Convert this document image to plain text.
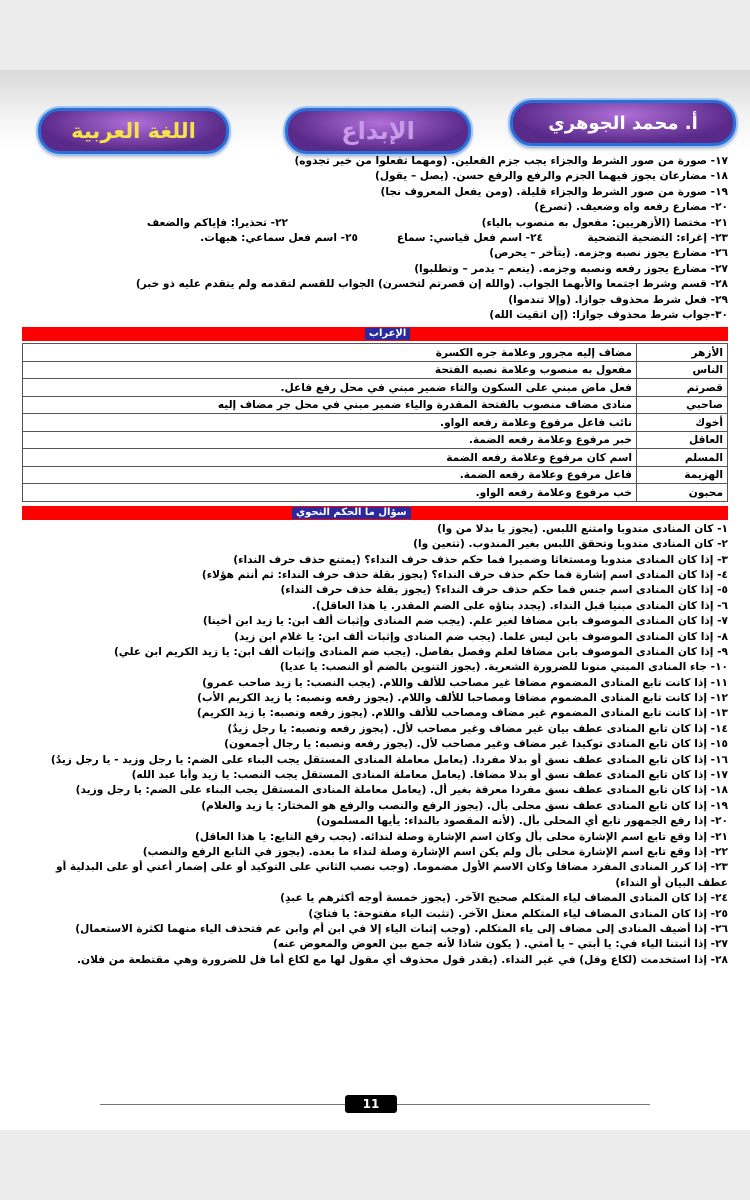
أ. محمد الجوهري
الإبداع
اللغة العربية
١٧- صورة من صور الشرط والجزاء يجب جزم الفعلين. (ومهما تفعلوا من خير تجدوه)
١٨- مضارعان يجوز فيهما الجزم والرفع والرفع حسن. (يصل – يقول)
١٩- صورة من صور الشرط والجزاء قليلة. (ومن يفعل المعروف نجا)
٢٠- مضارع رفعه واه وضعيف. (تصرع)
٢١- مختصا (الأزهريين: مفعول به منصوب بالياء)
٢٢- تحذيرا: فإياكم والضعف
٢٣- إغراء: التضحية التضحية
٢٤- اسم فعل قياسي: سماع
٢٥- اسم فعل سماعي: هيهات.
٢٦- مضارع يجوز نصبه وجزمه. (يتأخر – يحرص)
٢٧- مضارع يجوز رفعه ونصبه وجزمه. (ينعم – يدمر – وتطلبوا)
٢٨- قسم وشرط اجتمعا والأبهما الجواب. (والله إن قصرتم لتخسرن) الجواب للقسم لتقدمه ولم يتقدم عليه ذو خبر)
٢٩- فعل شرط محذوف جوازا. (وإلا تندموا)
٣٠-جواب شرط محذوف جوازا: (إن اتقيت الله)
الإعراب
الأزهر	مضاف إليه مجرور وعلامة جره الكسرة	
الناس	مفعول به منصوب وعلامة نصبه الفتحة	
قصرتم	فعل ماض مبني على السكون والتاء ضمير مبني في محل رفع فاعل.	
صاحبي	منادى مضاف منصوب بالفتحة المقدرة والياء ضمير مبني في محل جر مضاف إليه	
أخوك	نائب فاعل مرفوع وعلامة رفعه الواو.	
العاقل	خبر مرفوع وعلامة رفعه الضمة.	
المسلم	اسم كان مرفوع وعلامة رفعه الضمة	
الهزيمة	فاعل مرفوع وعلامة رفعه الضمة.	
محبون	خب مرفوع وعلامة رفعه الواو.	
سؤال ما الحكم النحوي
١- كان المنادى مندوبا وامتنع اللبس. (يجوز يا بدلا من وا)
٢- كان المنادى مندوبا وتحقق اللبس بغير المندوب. (تتعين وا)
٣- إذا كان المنادى مندوبا ومستغاثا وضميرا فما حكم حذف حرف النداء؟ (يمتنع حذف حرف النداء)
٤- إذا كان المنادى اسم إشارة فما حكم حذف حرف النداء؟ (يجوز بقلة حذف حرف النداء: ثم أنتم هؤلاء)
٥- إذا كان المنادى اسم جنس فما حكم حذف حرف النداء؟ (يجوز بقلة حذف حرف النداء)
٦- إذا كان المنادى مبنيا قبل النداء. (يجدد بناؤه على الضم المقدر. يا هذا العاقل).
٧- إذا كان المنادى الموصوف بابن مضافا لغير علم. (يجب ضم المنادى وإثبات ألف ابن: يا زيد ابن أخينا)
٨- إذا كان المنادى الموصوف بابن ليس علما. (يجب ضم المنادى وإثبات ألف ابن: يا غلام ابن زيد)
٩- إذا كان المنادى الموصوف بابن مضافا لعلم وفصل بفاصل. (يجب ضم المنادى وإثبات ألف ابن: يا زيد الكريم ابن علي)
١٠- جاء المنادى المبني منونا للضرورة الشعرية. (يجوز التنوين بالضم أو النصب: يا عديا)
١١- إذا كانت تابع المنادى المضموم مضافا غير مصاحب للألف واللام. (يجب النصب: يا زيد صاحب عمرو)
١٢- إذا كانت تابع المنادى المضموم مضافا ومصاحبا للألف واللام. (يجوز رفعه ونصبه: يا زيد الكريم الأب)
١٣- إذا كانت تابع المنادى المضموم غير مضاف ومصاحب للألف واللام. (يجوز رفعه ونصبه: يا زيد الكريم)
١٤- إذا كان تابع المنادى عطف بيان غير مضاف وغير مصاحب لأل. (يجوز رفعه ونصبه: يا رجل زيدٌ)
١٥- إذا كان تابع المنادى توكيدا غير مضاف وغير مصاحب لأل. (يجوز رفعه ونصبه: يا رجال أجمعون)
١٦- إذا كان تابع المنادى عطف نسق أو بدلا مفردا. (يعامل معاملة المنادى المستقل يجب البناء على الضم: يا رجل وزيد - يا رجل زيدُ)
١٧- إذا كان تابع المنادى عطف نسق أو بدلا مضافا. (يعامل معاملة المنادى المستقل يجب النصب: يا زيد وأبا عبد الله)
١٨- إذا كان تابع المنادى عطف نسق مفردا معرفة بغير أل. (يعامل معاملة المنادى المستقل يجب البناء على الضم: يا رجل وزيد)
١٩- إذا كان تابع المنادى عطف نسق محلى بأل. (يجوز الرفع والنصب والرفع هو المختار: يا زيد والغلام)
٢٠- إذا رفع الجمهور تابع أي المحلى بأل. (لأنه المقصود بالنداء: يأيها المسلمون)
٢١- إذا وقع تابع اسم الإشارة محلى بأل وكان اسم الإشارة وصلة لندائه. (يجب رفع التابع: يا هذا العاقل)
٢٢- إذا وقع تابع اسم الإشارة محلى بأل ولم يكن اسم الإشارة وصلة لنداء ما بعده. (يجوز في التابع الرفع والنصب)
٢٣- إذا كرر المنادى المفرد مضافا وكان الاسم الأول مضموما. (وجب نصب الثاني على التوكيد أو على إضمار أعني أو على البدلية أو
عطف البيان أو النداء)
٢٤- إذا كان المنادى المضاف لياء المتكلم صحيح الآخر. (يجوز خمسة أوجه أكثرهم يا عبدِ)
٢٥- إذا كان المنادى المضاف لياء المتكلم معتل الآخر. (تثبت الياء مفتوحة: يا فتايَ)
٢٦- إذا أضيف المنادى إلى مضاف إلى ياء المتكلم. (وجب إثبات الياء إلا في ابن أم وابن عم فتحذف الياء منهما لكثرة الاستعمال)
٢٧- إذا أثبتنا الياء في: يا أبتي – يا أمتي. ( يكون شاذا لأنه جمع بين العوض والمعوض عنه)
٢٨- إذا استخدمت (لكاع وفل) في غير النداء. (يقدر قول محذوف أي مقول لها مع لكاع أما فل للضرورة وهي مقتطعة من فلان.
11
